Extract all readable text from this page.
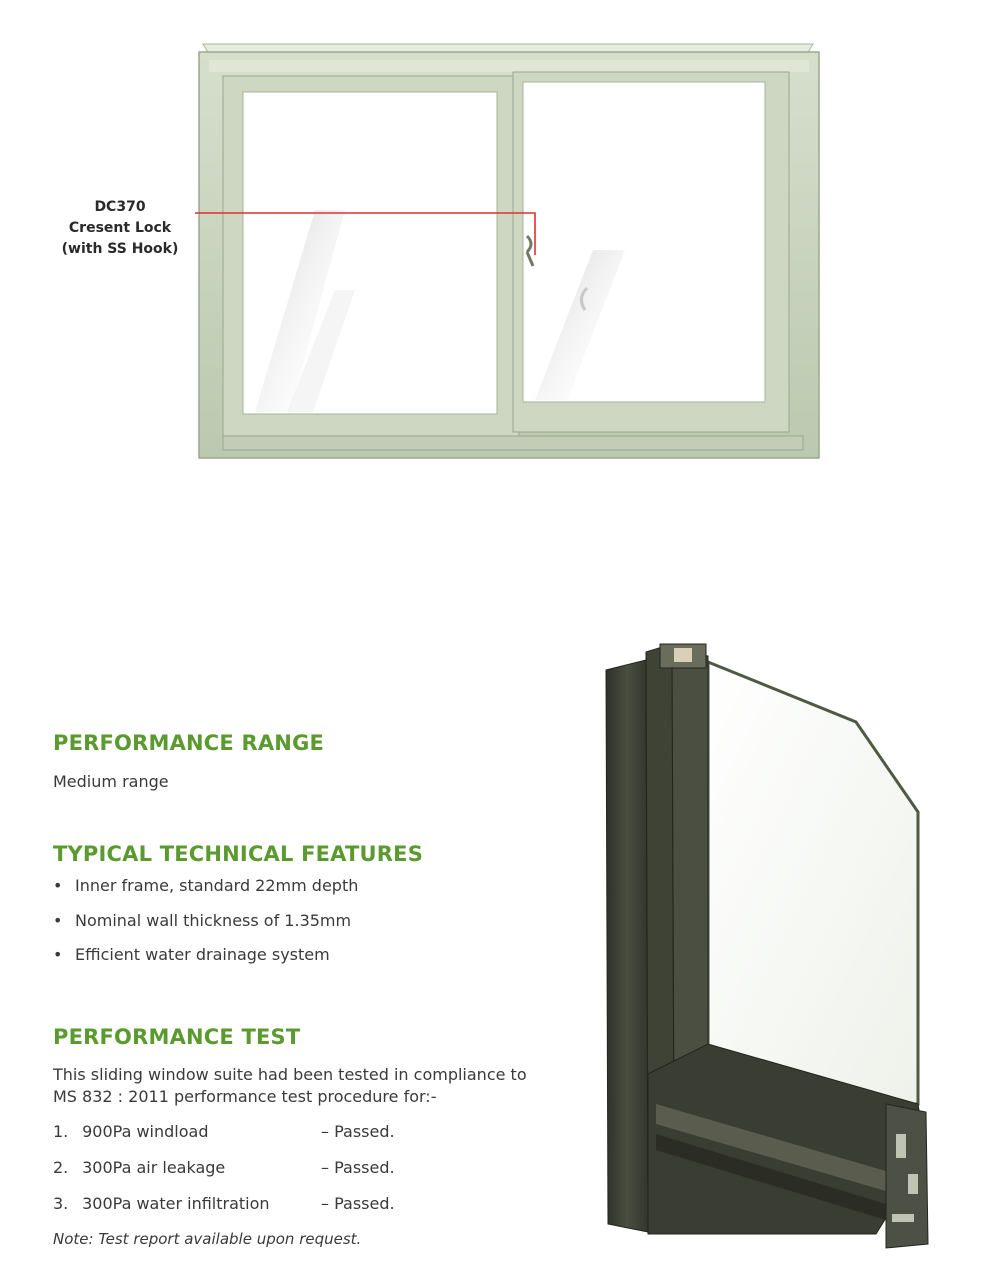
DC370
Cresent Lock
(with SS Hook)
PERFORMANCE RANGE

Medium range

TYPICAL TECHNICAL FEATURES
• Inner frame, standard 22mm depth
• Nominal wall thickness of 1.35mm
• Efficient water drainage system
PERFORMANCE TEST
This sliding window suite had been tested in compliance to
MS 832 : 2011 performance test procedure for:-
1. 900Pa windload	– Passed.
2. 300Pa air leakage	– Passed.
3. 300Pa water infiltration	– Passed.
Note: Test report available upon request.
